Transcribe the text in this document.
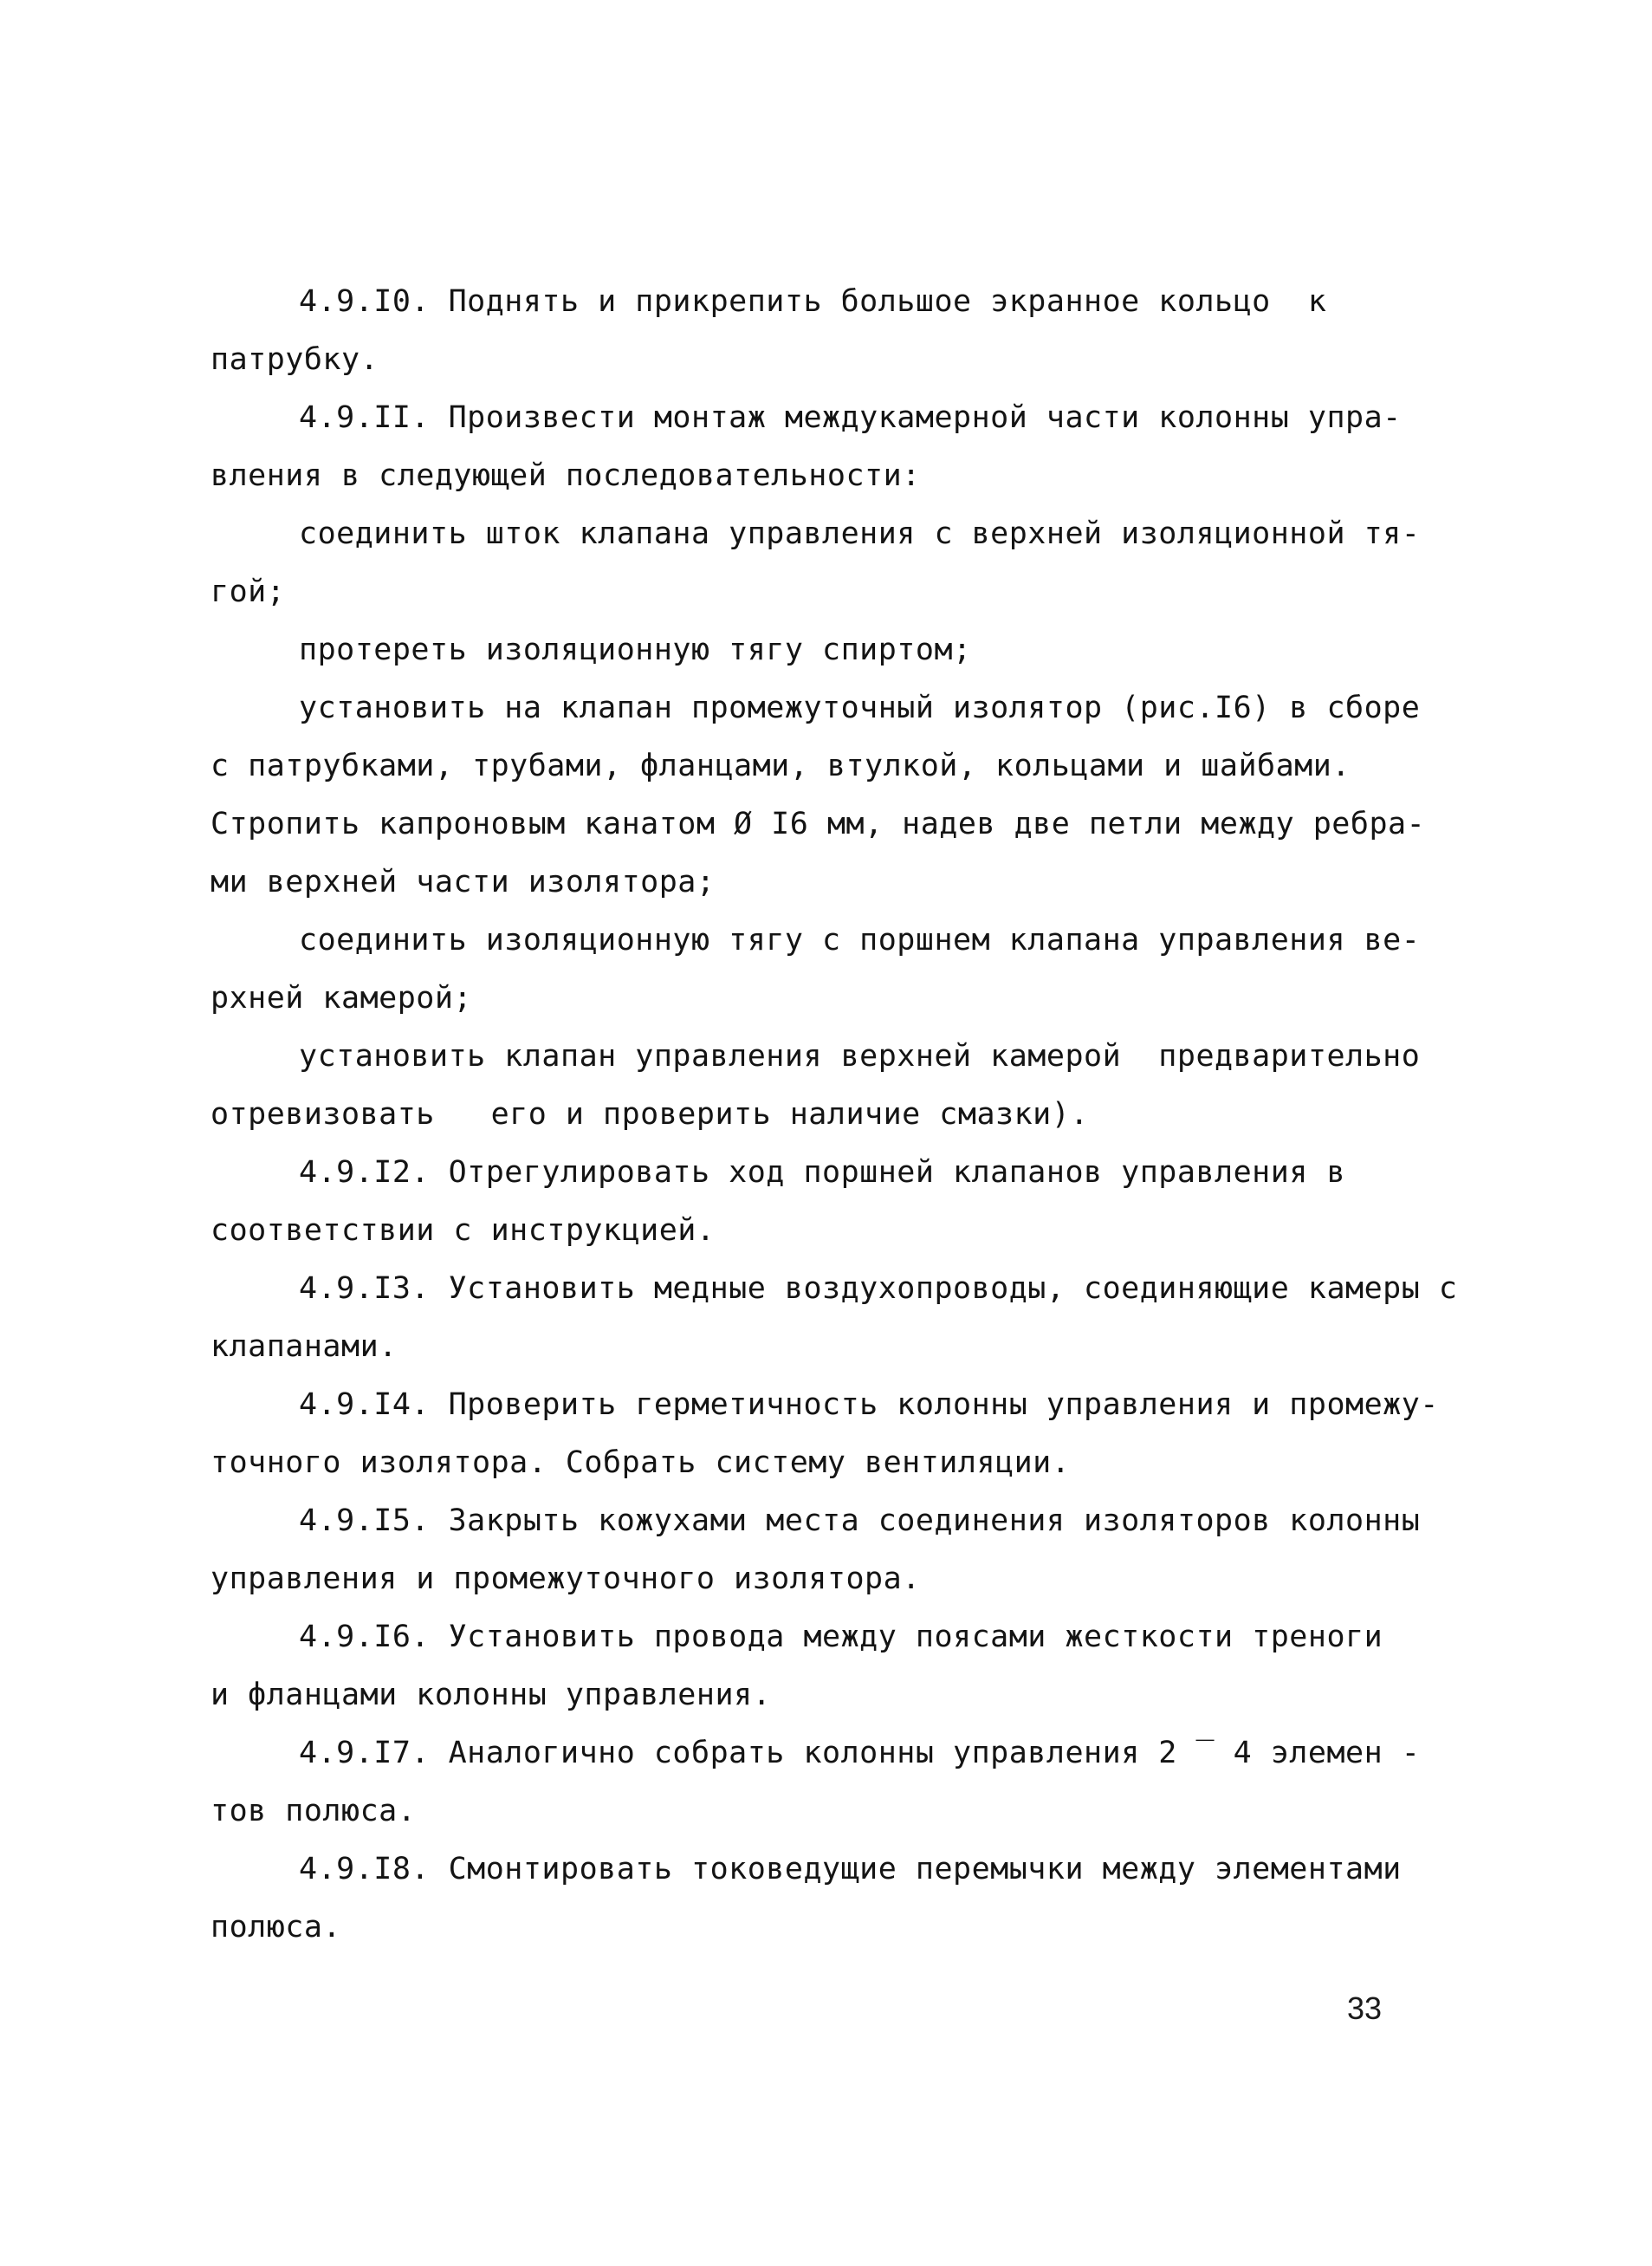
4.9.I0. Поднять и прикрепить большое экранное кольцо  к
патрубку.
4.9.II. Произвести монтаж междукамерной части колонны упра-
вления в следующей последовательности:
соединить шток клапана управления с верхней изоляционной тя-
гой;
протереть изоляционную тягу спиртом;
установить на клапан промежуточный изолятор (рис.I6) в сборе
с патрубками, трубами, фланцами, втулкой, кольцами и шайбами.
Стропить капроновым канатом Ø I6 мм, надев две петли между ребра-
ми верхней части изолятора;
соединить изоляционную тягу с поршнем клапана управления ве-
рхней камерой;
установить клапан управления верхней камерой  предварительно
отревизовать   его и проверить наличие смазки).
4.9.I2. Отрегулировать ход поршней клапанов управления в
соответствии с инструкцией.
4.9.I3. Установить медные воздухопроводы, соединяющие камеры с
клапанами.
4.9.I4. Проверить герметичность колонны управления и промежу-
точного изолятора. Собрать систему вентиляции.
4.9.I5. Закрыть кожухами места соединения изоляторов колонны
управления и промежуточного изолятора.
4.9.I6. Установить провода между поясами жесткости треноги
и фланцами колонны управления.
4.9.I7. Аналогично собрать колонны управления 2 ‾ 4 элемен -
тов полюса.
4.9.I8. Смонтировать токоведущие перемычки между элементами
полюса.
33
